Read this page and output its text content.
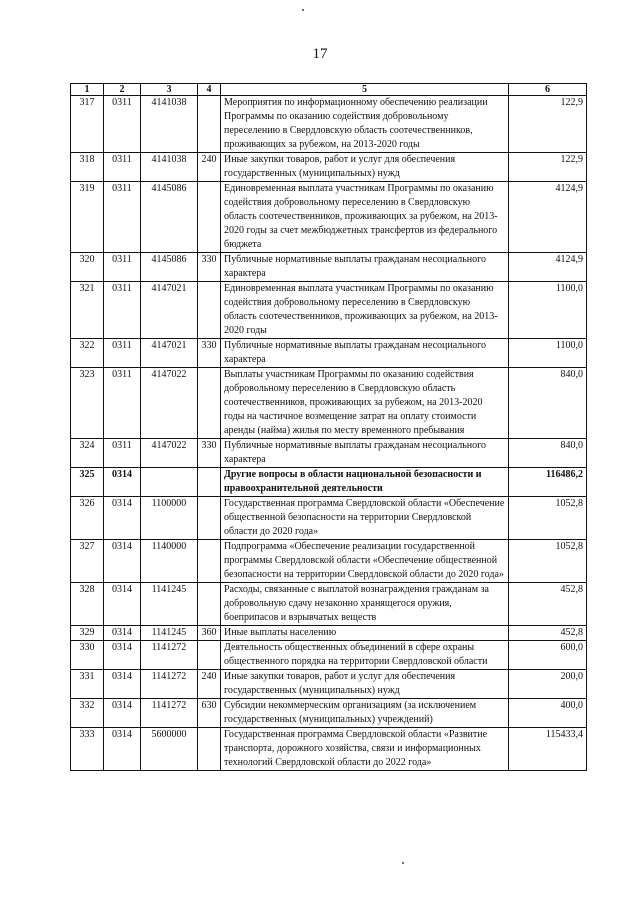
17
1	2	3	4	5	6
317	0311	4141038		Мероприятия по информационному обеспечению реализации Программы по оказанию содействия добровольному переселению в Свердловскую область соотечественников, проживающих за рубежом, на 2013-2020 годы	122,9
318	0311	4141038	240	Иные закупки товаров, работ и услуг для обеспечения государственных (муниципальных) нужд	122,9
319	0311	4145086		Единовременная выплата участникам Программы по оказанию содействия добровольному переселению в Свердловскую область соотечественников, проживающих за рубежом, на 2013-2020 годы за счет межбюджетных трансфертов из федерального бюджета	4124,9
320	0311	4145086	330	Публичные нормативные выплаты гражданам несоциального характера	4124,9
321	0311	4147021		Единовременная выплата участникам Программы по оказанию содействия добровольному переселению в Свердловскую область соотечественников, проживающих за рубежом, на 2013-2020 годы	1100,0
322	0311	4147021	330	Публичные нормативные выплаты гражданам несоциального характера	1100,0
323	0311	4147022		Выплаты участникам Программы по оказанию содействия добровольному переселению в Свердловскую область соотечественников, проживающих за рубежом, на 2013-2020 годы на частичное возмещение затрат на оплату стоимости аренды (найма) жилья по месту временного пребывания	840,0
324	0311	4147022	330	Публичные нормативные выплаты гражданам несоциального характера	840,0
325	0314			Другие вопросы в области национальной безопасности и правоохранительной деятельности	116486,2
326	0314	1100000		Государственная программа Свердловской области «Обеспечение общественной безопасности на территории Свердловской области до 2020 года»	1052,8
327	0314	1140000		Подпрограмма «Обеспечение реализации государственной программы Свердловской области «Обеспечение общественной безопасности на территории Свердловской области до 2020 года»	1052,8
328	0314	1141245		Расходы, связанные с выплатой вознаграждения гражданам за добровольную сдачу незаконно хранящегося оружия, боеприпасов и взрывчатых веществ	452,8
329	0314	1141245	360	Иные выплаты населению	452,8
330	0314	1141272		Деятельность общественных объединений в сфере охраны общественного порядка на территории Свердловской области	600,0
331	0314	1141272	240	Иные закупки товаров, работ и услуг для обеспечения государственных (муниципальных) нужд	200,0
332	0314	1141272	630	Субсидии некоммерческим организациям (за исключением государственных (муниципальных) учреждений)	400,0
333	0314	5600000		Государственная программа Свердловской области «Развитие транспорта, дорожного хозяйства, связи и информационных технологий Свердловской области до 2022 года»	115433,4
